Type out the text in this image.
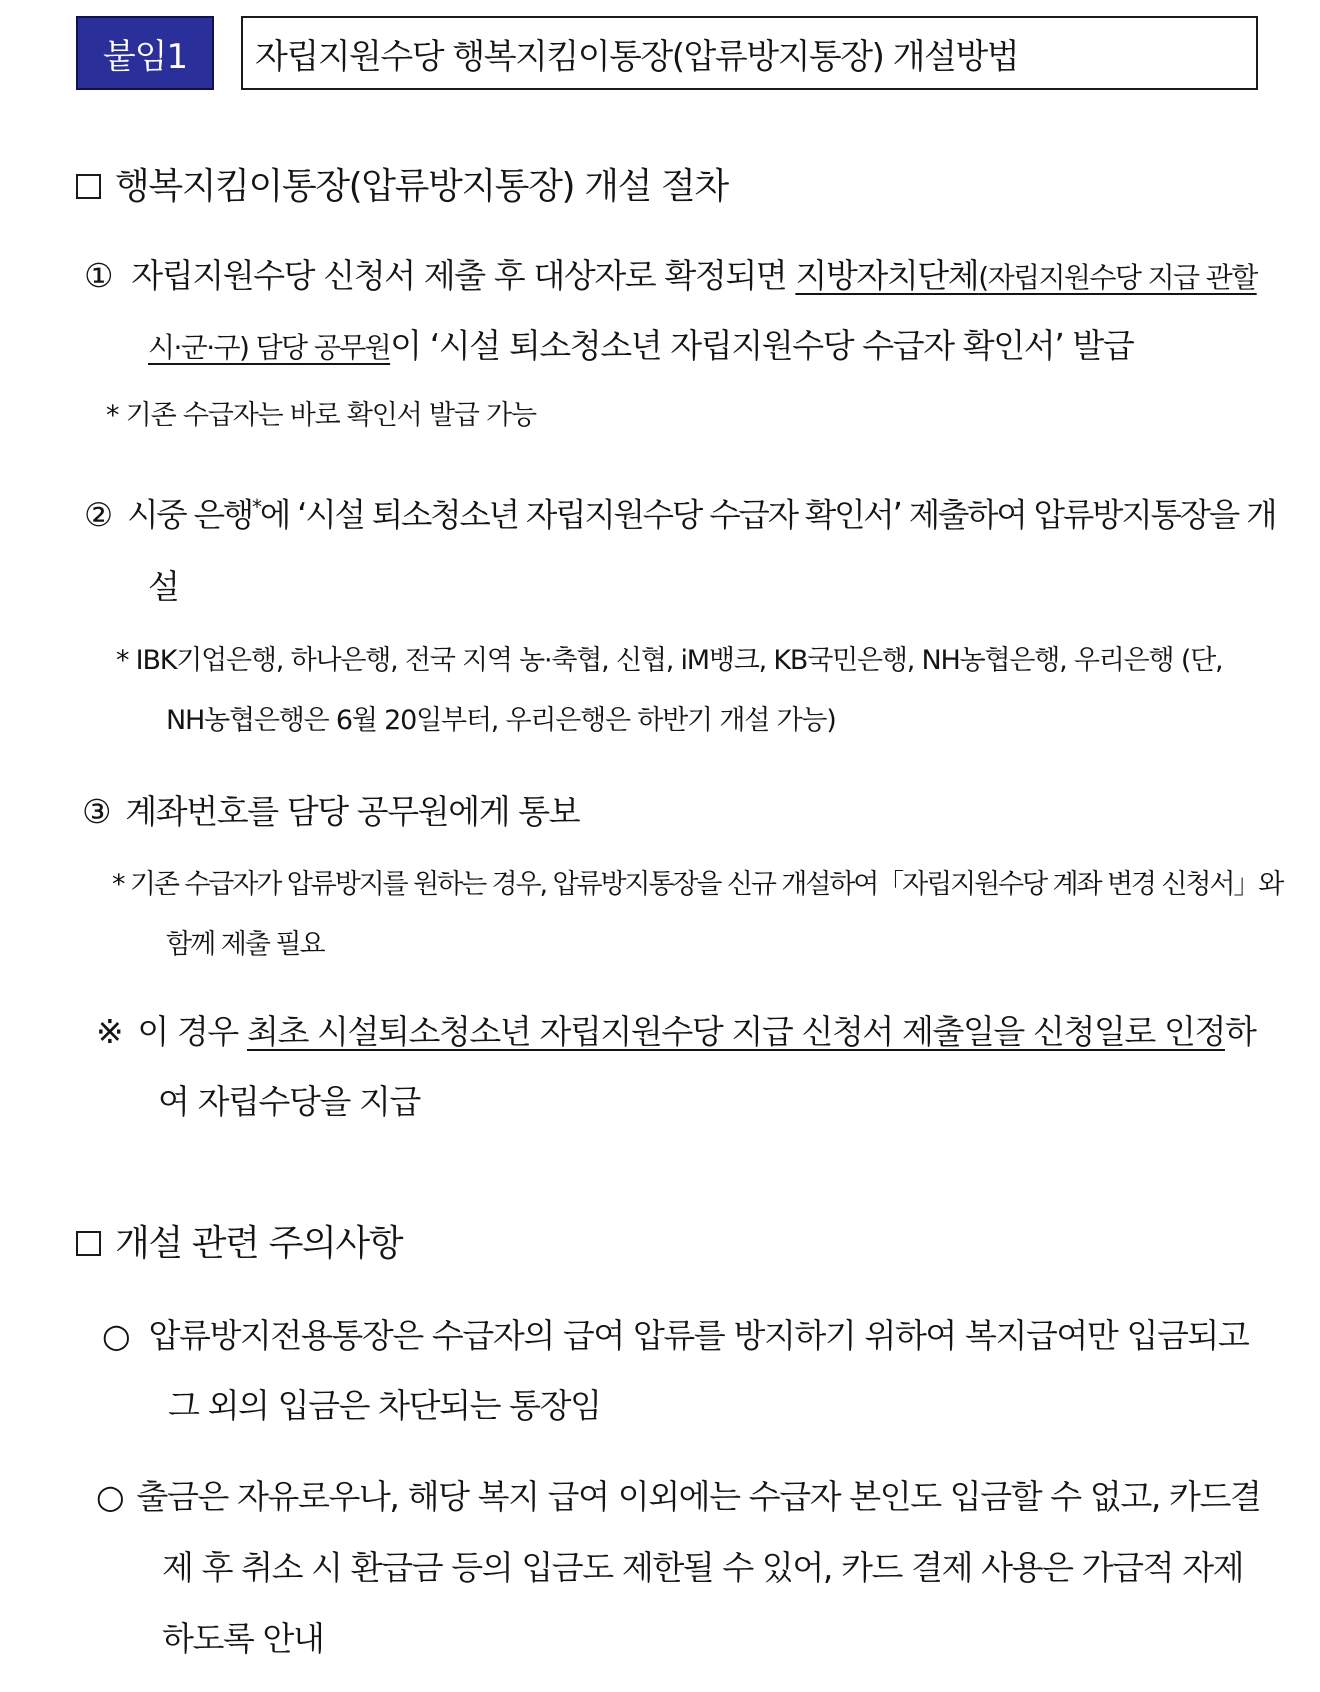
붙임1	자립지원수당 행복지킴이통장(압류방지통장) 개설방법
행복지킴이통장(압류방지통장) 개설 절차
① 자립지원수당 신청서 제출 후 대상자로 확정되면 지방자치단체(자립지원수당 지급 관할
시·군·구) 담당 공무원이 ‘시설 퇴소청소년 자립지원수당 수급자 확인서’ 발급
* 기존 수급자는 바로 확인서 발급 가능
② 시중 은행*에 ‘시설 퇴소청소년 자립지원수당 수급자 확인서’ 제출하여 압류방지통장을 개
설
* IBK기업은행, 하나은행, 전국 지역 농·축협, 신협, iM뱅크, KB국민은행, NH농협은행, 우리은행 (단,
NH농협은행은 6월 20일부터, 우리은행은 하반기 개설 가능)
③ 계좌번호를 담당 공무원에게 통보
* 기존 수급자가 압류방지를 원하는 경우, 압류방지통장을 신규 개설하여「자립지원수당 계좌 변경 신청서」와
함께 제출 필요
※ 이 경우 최초 시설퇴소청소년 자립지원수당 지급 신청서 제출일을 신청일로 인정하
여 자립수당을 지급
개설 관련 주의사항
○ 압류방지전용통장은 수급자의 급여 압류를 방지하기 위하여 복지급여만 입금되고
그 외의 입금은 차단되는 통장임
○ 출금은 자유로우나, 해당 복지 급여 이외에는 수급자 본인도 입금할 수 없고, 카드결
제 후 취소 시 환급금 등의 입금도 제한될 수 있어, 카드 결제 사용은 가급적 자제
하도록 안내
